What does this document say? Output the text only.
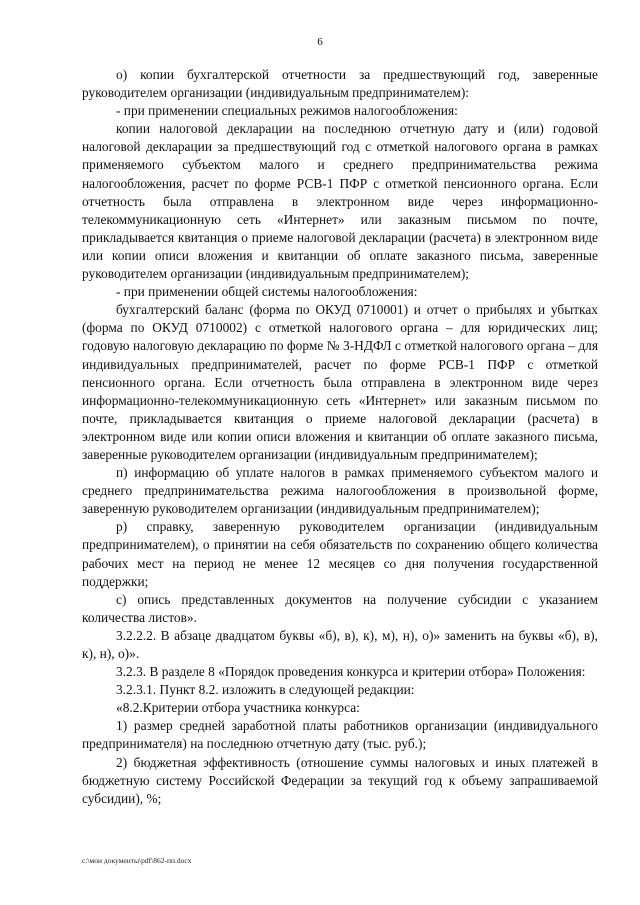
6

о) копии бухгалтерской отчетности за предшествующий год, заверенные руководителем организации (индивидуальным предпринимателем):

- при применении специальных режимов налогообложения:

копии налоговой декларации на последнюю отчетную дату и (или) годовой налоговой декларации за предшествующий год с отметкой налогового органа в рамках применяемого субъектом малого и среднего предпринимательства режима налогообложения, расчет по форме РСВ-1 ПФР с отметкой пенсионного органа. Если отчетность была отправлена в электронном виде через информационно-телекоммуникационную сеть «Интернет» или заказным письмом по почте, прикладывается квитанция о приеме налоговой декларации (расчета) в электронном виде или копии описи вложения и квитанции об оплате заказного письма, заверенные руководителем организации (индивидуальным предпринимателем);

- при применении общей системы налогообложения:

бухгалтерский баланс (форма по ОКУД 0710001) и отчет о прибылях и убытках (форма по ОКУД 0710002) с отметкой налогового органа – для юридических лиц; годовую налоговую декларацию по форме № 3-НДФЛ с отметкой налогового органа – для индивидуальных предпринимателей, расчет по форме РСВ-1 ПФР с отметкой пенсионного органа. Если отчетность была отправлена в электронном виде через информационно-телекоммуникационную сеть «Интернет» или заказным письмом по почте, прикладывается квитанция о приеме налоговой декларации (расчета) в электронном виде или копии описи вложения и квитанции об оплате заказного письма, заверенные руководителем организации (индивидуальным предпринимателем);

п) информацию об уплате налогов в рамках применяемого субъектом малого и среднего предпринимательства режима налогообложения в произвольной форме, заверенную руководителем организации (индивидуальным предпринимателем);

р) справку, заверенную руководителем организации (индивидуальным предпринимателем), о принятии на себя обязательств по сохранению общего количества рабочих мест на период не менее 12 месяцев со дня получения государственной поддержки;

с) опись представленных документов на получение субсидии с указанием количества листов».

3.2.2.2. В абзаце двадцатом буквы «б), в), к), м), н), о)» заменить на буквы «б), в), к), н), о)».

3.2.3. В разделе 8 «Порядок проведения конкурса и критерии отбора» Положения:

3.2.3.1. Пункт 8.2. изложить в следующей редакции:

«8.2.Критерии отбора участника конкурса:

1) размер средней заработной платы работников организации (индивидуального предпринимателя) на последнюю отчетную дату (тыс. руб.);

2) бюджетная эффективность (отношение суммы налоговых и иных платежей в бюджетную систему Российской Федерации за текущий год к объему запрашиваемой субсидии), %;

c:\мои документы\pdf\862-пп.docx
